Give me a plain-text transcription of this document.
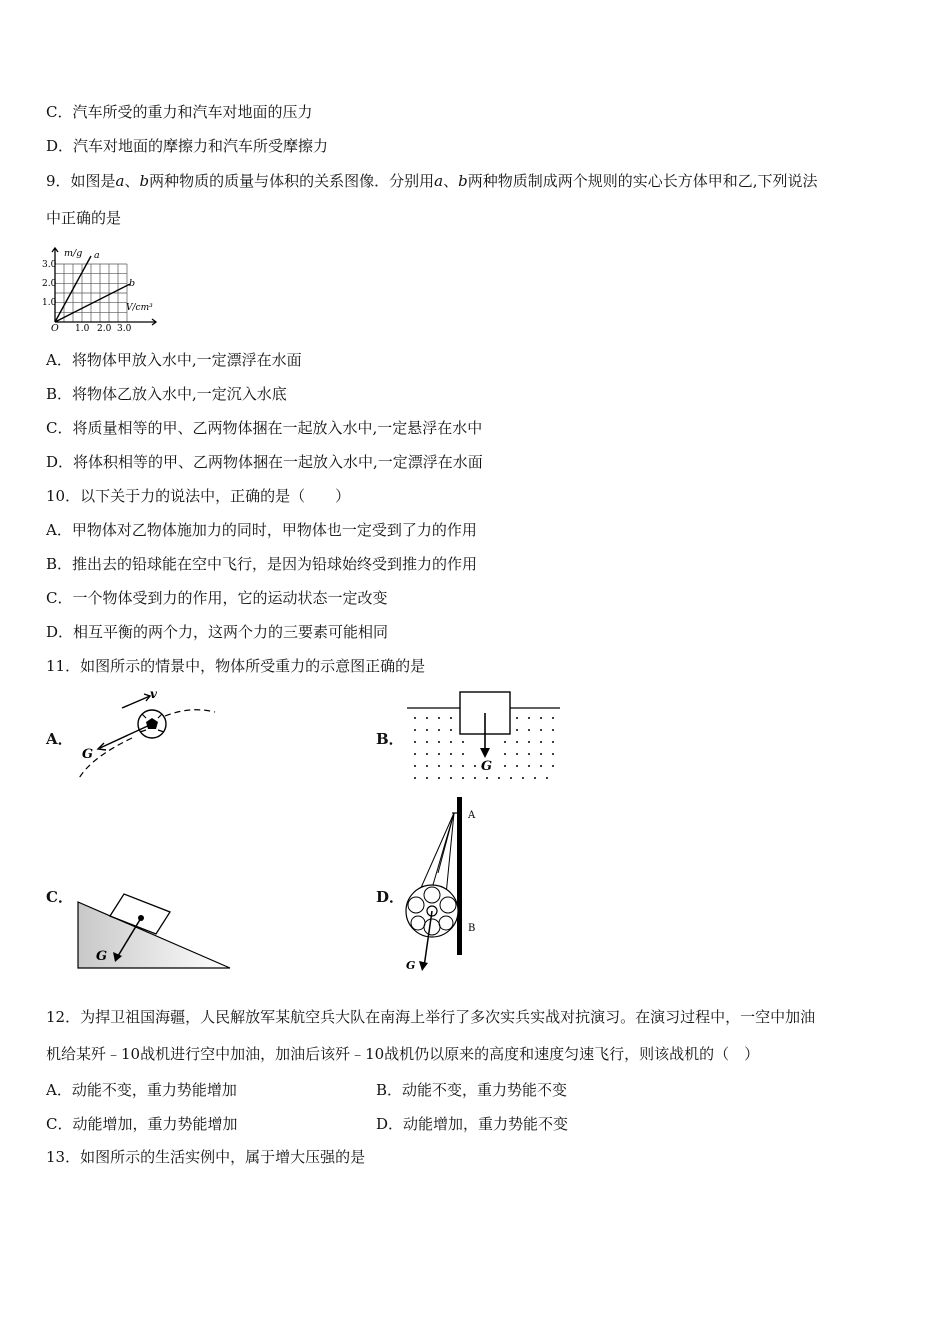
C．汽车所受的重力和汽车对地面的压力
D．汽车对地面的摩擦力和汽车所受摩擦力
9．如图是a、b两种物质的质量与体积的关系图像．分别用a、b两种物质制成两个规则的实心长方体甲和乙,下列说法
中正确的是
m/g a
b
V/cm³
3.0
2.0
1.0
O 1.0 2.0 3.0
A．将物体甲放入水中,一定漂浮在水面
B．将物体乙放入水中,一定沉入水底
C．将质量相等的甲、乙两物体捆在一起放入水中,一定悬浮在水中
D．将体积相等的甲、乙两物体捆在一起放入水中,一定漂浮在水面
10．以下关于力的说法中，正确的是（　　）
A．甲物体对乙物体施加力的同时，甲物体也一定受到了力的作用
B．推出去的铅球能在空中飞行，是因为铅球始终受到推力的作用
C．一个物体受到力的作用，它的运动状态一定改变
D．相互平衡的两个力，这两个力的三要素可能相同
11．如图所示的情景中，物体所受重力的示意图正确的是
A．
v
G
B．
G
C．
G
D．
A
B
G
12．为捍卫祖国海疆，人民解放军某航空兵大队在南海上举行了多次实兵实战对抗演习。在演习过程中，一空中加油
机给某歼﹣10战机进行空中加油，加油后该歼﹣10战机仍以原来的高度和速度匀速飞行，则该战机的（　）
A．动能不变，重力势能增加	B．动能不变，重力势能不变
C．动能增加，重力势能增加	D．动能增加，重力势能不变
13．如图所示的生活实例中，属于增大压强的是
